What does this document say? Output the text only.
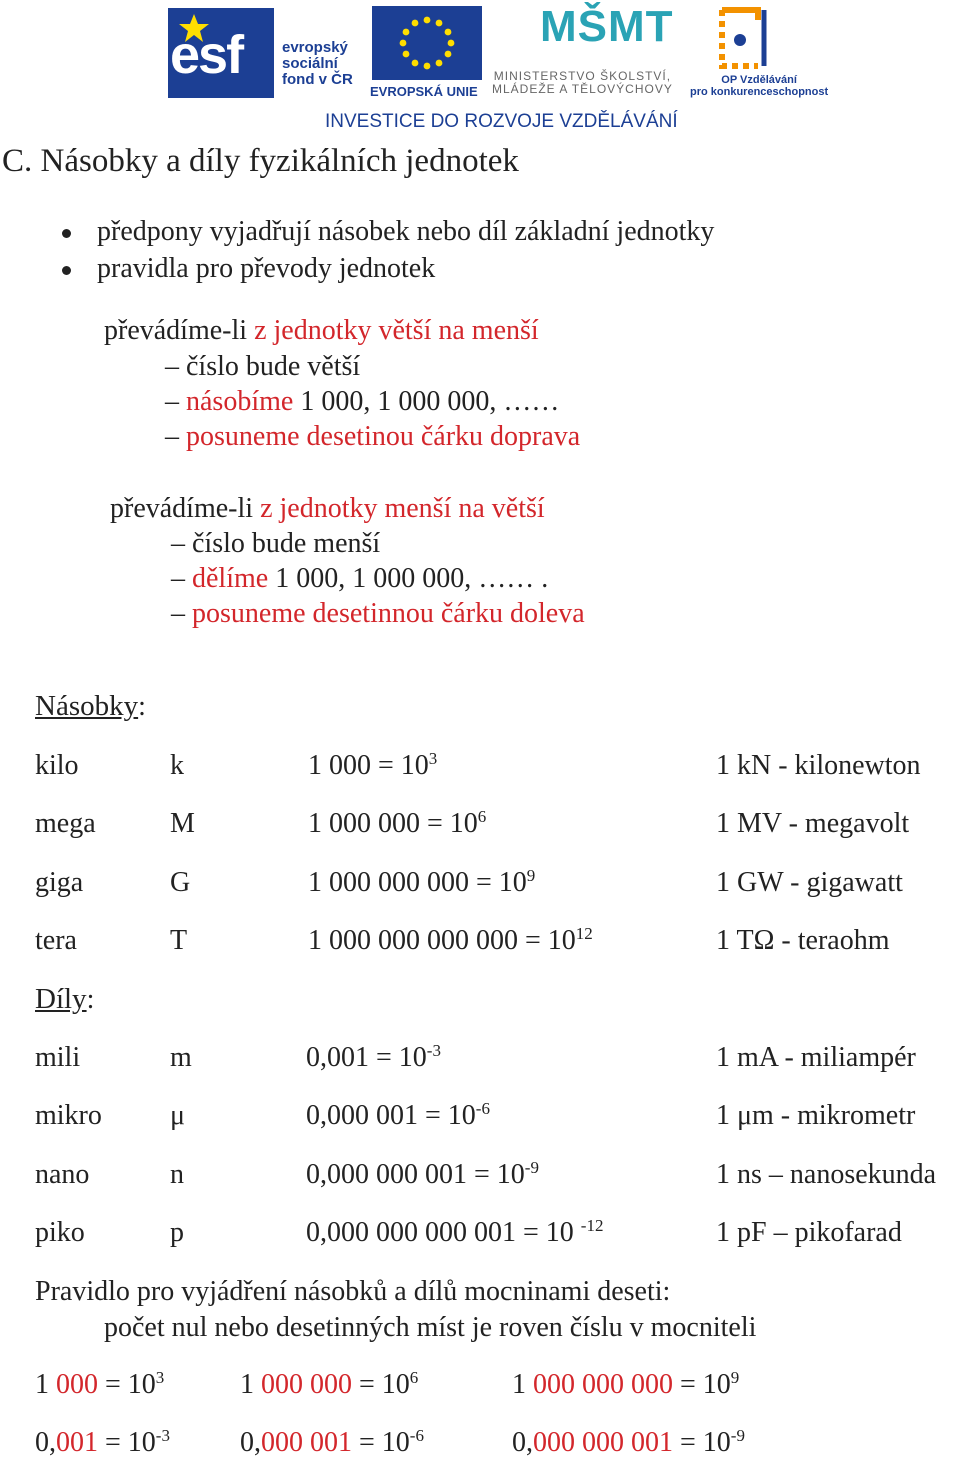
esf	evropský
sociální
fond v ČR
EVROPSKÁ UNIE
MŠMT
MINISTERSTVO ŠKOLSTVÍ,
MLÁDEŽE A TĚLOVÝCHOVY
OP Vzdělávání
pro konkurenceschopnost
INVESTICE DO ROZVOJE VZDĚLÁVÁNÍ
C. Násobky a díly fyzikálních jednotek
předpony vyjadřují násobek nebo díl základní jednotky
pravidla pro převody jednotek
převádíme-li z jednotky větší na menší
– číslo bude větší
– násobíme 1 000, 1 000 000, ……
– posuneme desetinou čárku doprava
převádíme-li z jednotky menší na větší
– číslo bude menší
– dělíme 1 000, 1 000 000, …… .
– posuneme desetinnou čárku doleva
Násobky:
kilo	k	1 $000 = 10^3$	1 kN - kilonewton
mega	M	1 000 $000 = 10^6$	1 MV - megavolt
giga	G	1 000 000 $000 = 10^9$	1 GW - gigawatt
tera	T	1 000 000 000 $000 = 10^{12}$	1 TΩ - teraohm
Díly:
mili	m	$0,001 = 10^{-3}$	1 mA - miliampér
mikro μ	0,000 $001 = 10^{-6}$	1 μm - mikrometr
nano	n	0,000 000 $001 = 10^{-9}$	1 ns – nanosekunda
piko	p	0,000 000 000 001 = 10 $^{-12}$	1 pF – pikofarad
Pravidlo pro vyjádření násobků a dílů mocninami deseti:
počet nul nebo desetinných míst je roven číslu v mocniteli
1 $000 = 10^3$	1 000 $000 = 10^6$	1 000 000 $000 = 10^9$
$0,001 = 10^{-3}$	0,000 $001 = 10^{-6}$	0,000 000 $001 = 10^{-9}$
